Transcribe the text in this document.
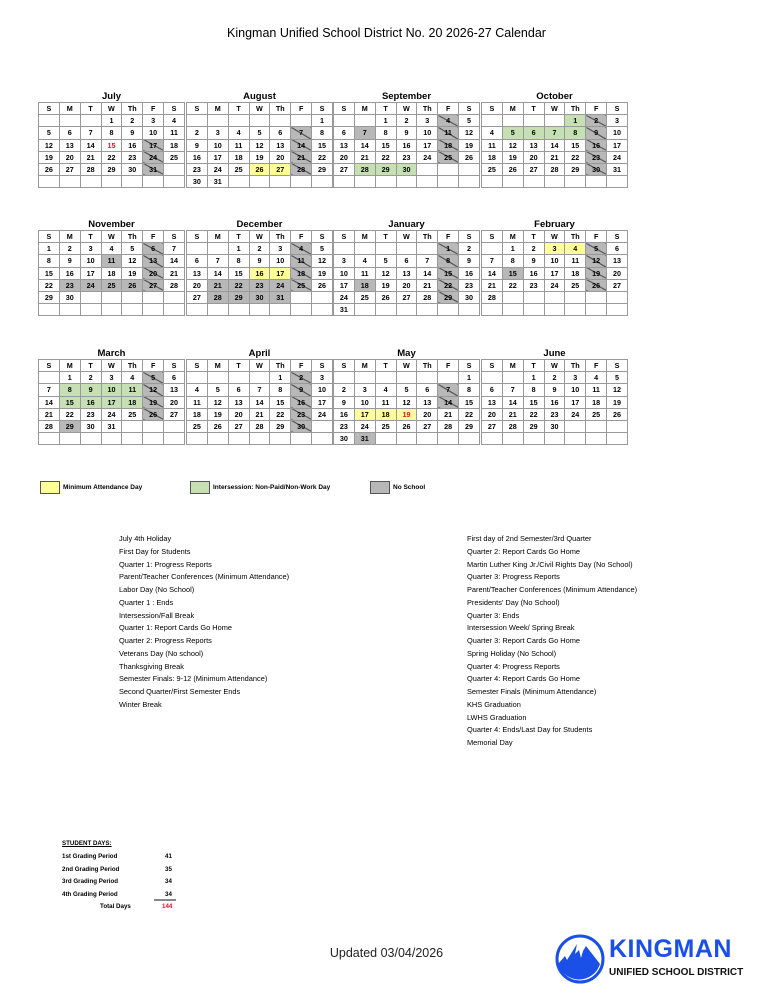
Kingman Unified School District No. 20 2026-27 Calendar
July
S	M	T	W	Th	F	S
			1	2	3	4
5	6	7	8	9	10	11
12	13	14	15	16	17	18
19	20	21	22	23	24	25
26	27	28	29	30	31	

August
S	M	T	W	Th	F	S
						1
2	3	4	5	6	7	8
9	10	11	12	13	14	15
16	17	18	19	20	21	22
23	24	25	26	27	28	29
30	31					
September
S	M	T	W	Th	F	S
		1	2	3	4	5
6	7	8	9	10	11	12
13	14	15	16	17	18	19
20	21	22	23	24	25	26
27	28	29	30			

October
S	M	T	W	Th	F	S
				1	2	3
4	5	6	7	8	9	10
11	12	13	14	15	16	17
18	19	20	21	22	23	24
25	26	27	28	29	30	31

November
S	M	T	W	Th	F	S
1	2	3	4	5	6	7
8	9	10	11	12	13	14
15	16	17	18	19	20	21
22	23	24	25	26	27	28
29	30					

December
S	M	T	W	Th	F	S
		1	2	3	4	5
6	7	8	9	10	11	12
13	14	15	16	17	18	19
20	21	22	23	24	25	26
27	28	29	30	31		

January
S	M	T	W	Th	F	S
					1	2
3	4	5	6	7	8	9
10	11	12	13	14	15	16
17	18	19	20	21	22	23
24	25	26	27	28	29	30
31						
February
S	M	T	W	Th	F	S
	1	2	3	4	5	6
7	8	9	10	11	12	13
14	15	16	17	18	19	20
21	22	23	24	25	26	27
28						

March
S	M	T	W	Th	F	S
	1	2	3	4	5	6
7	8	9	10	11	12	13
14	15	16	17	18	19	20
21	22	23	24	25	26	27
28	29	30	31			

April
S	M	T	W	Th	F	S
				1	2	3
4	5	6	7	8	9	10
11	12	13	14	15	16	17
18	19	20	21	22	23	24
25	26	27	28	29	30	

May
S	M	T	W	Th	F	S
						1
2	3	4	5	6	7	8
9	10	11	12	13	14	15
16	17	18	19	20	21	22
23	24	25	26	27	28	29
30	31					
June
S	M	T	W	Th	F	S
		1	2	3	4	5
6	7	8	9	10	11	12
13	14	15	16	17	18	19
20	21	22	23	24	25	26
27	28	29	30			

Minimum Attendance Day	Intersession: Non-Paid/Non-Work Day	No School
July 4th Holiday
First Day for Students
Quarter 1: Progress Reports
Parent/Teacher Conferences (Minimum Attendance)
Labor Day (No School)
Quarter 1 : Ends
Intersession/Fall Break
Quarter 1: Report Cards Go Home
Quarter 2: Progress Reports
Veterans Day (No school)
Thanksgiving Break
Semester Finals: 9-12 (Minimum Attendance)
Second Quarter/First Semester Ends
Winter Break
First day of 2nd Semester/3rd Quarter
Quarter 2: Report Cards Go Home
Martin Luther King Jr./Civil Rights Day (No School)
Quarter 3: Progress Reports
Parent/Teacher Conferences (Minimum Attendance)
Presidents' Day (No School)
Quarter 3: Ends
Intersession Week/ Spring Break
Quarter 3: Report Cards Go Home
Spring Holiday (No School)
Quarter 4: Progress Reports
Quarter 4: Report Cards Go Home
Semester Finals (Minimum Attendance)
KHS Graduation
LWHS Graduation
Quarter 4: Ends/Last Day for Students
Memorial Day
STUDENT DAYS:
1st Grading Period	41
2nd Grading Period	35
3rd Grading Period	34
4th Grading Period	34
Total Days	144
Updated 03/04/2026	KINGMAN
UNIFIED SCHOOL DISTRICT
